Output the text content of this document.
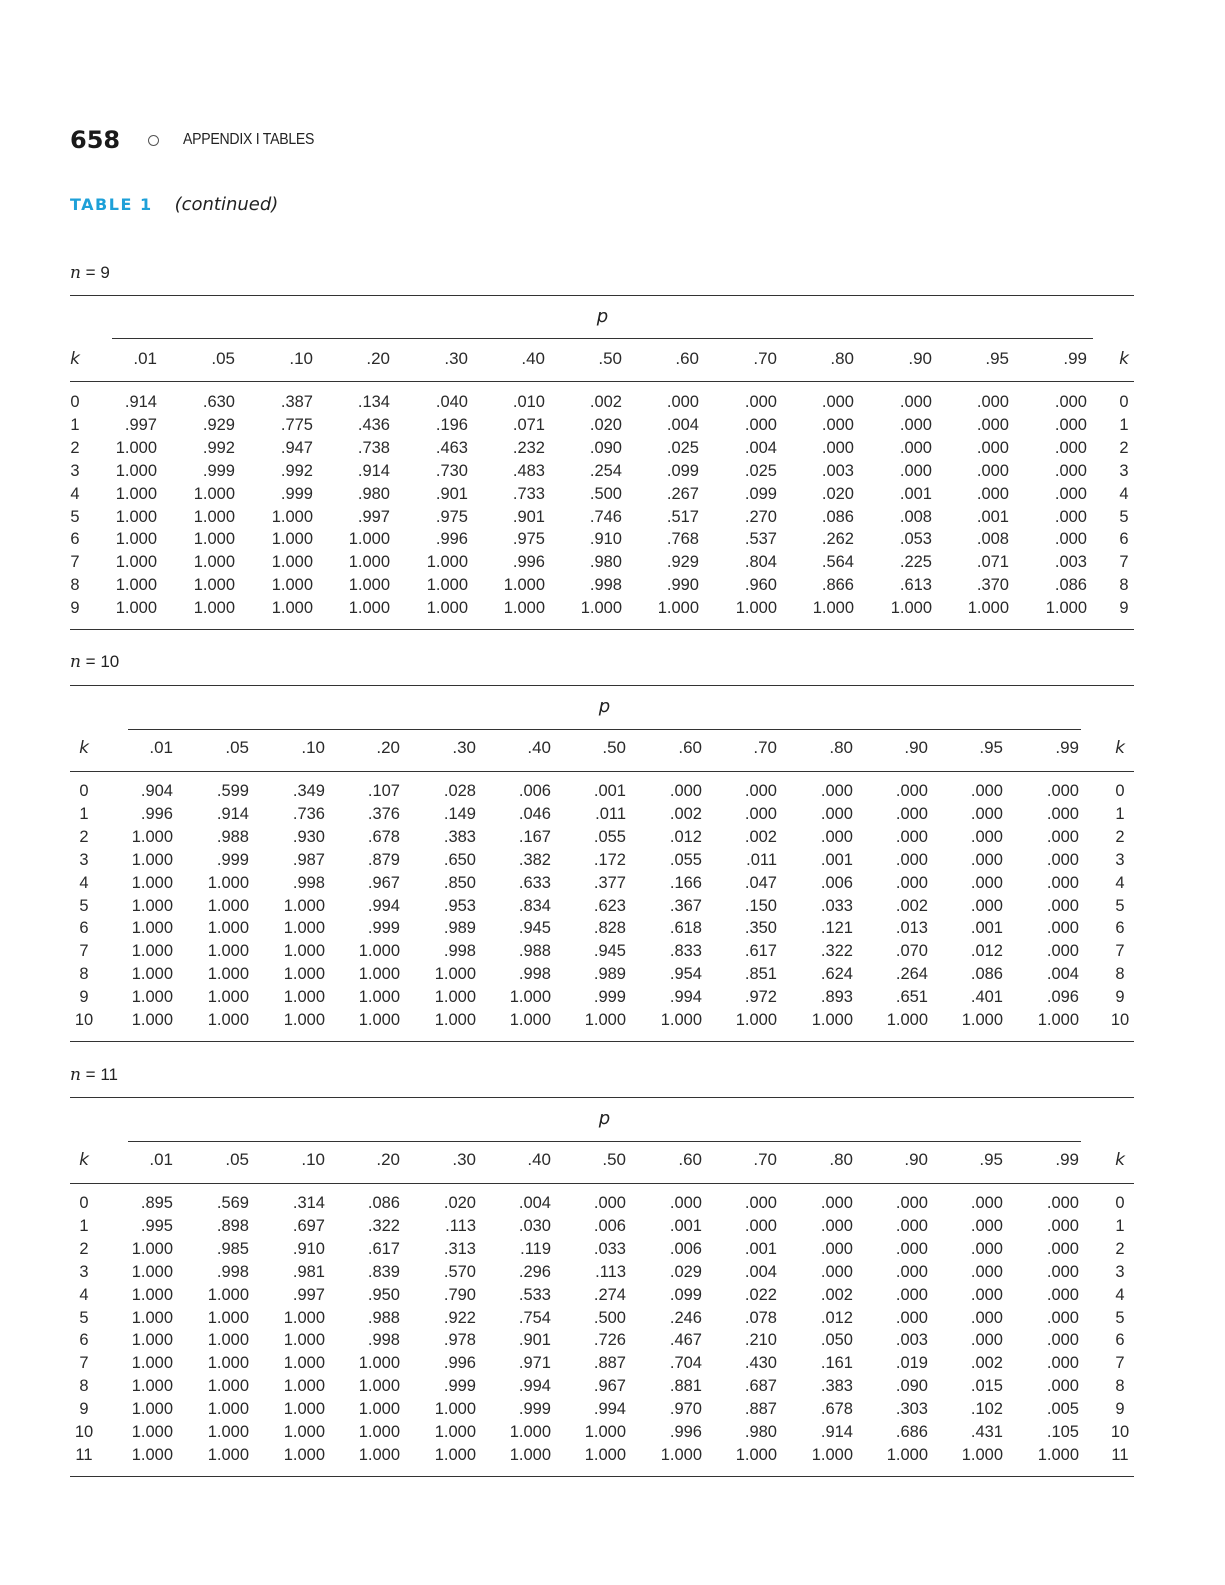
658	APPENDIX I TABLES
TABLE 1 (continued)
n = 9
p
k	.01	.05	.10	.20	.30	.40	.50	.60	.70	.80	.90	.95	.99 k
0	.914	.630	.387	.134	.040	.010	.002	.000	.000	.000	.000	.000	.000 0
1	.997	.929	.775	.436	.196	.071	.020	.004	.000	.000	.000	.000	.000 1
2 1.000	.992	.947	.738	.463	.232	.090	.025	.004	.000	.000	.000	.000 2
3 1.000	.999	.992	.914	.730	.483	.254	.099	.025	.003	.000	.000	.000 3
4 1.000 1.000	.999	.980	.901	.733	.500	.267	.099	.020	.001	.000	.000 4
5 1.000 1.000 1.000	.997	.975	.901	.746	.517	.270	.086	.008	.001	.000 5
6 1.000 1.000 1.000 1.000	.996	.975	.910	.768	.537	.262	.053	.008	.000 6
7 1.000 1.000 1.000 1.000 1.000	.996	.980	.929	.804	.564	.225	.071	.003 7
8 1.000 1.000 1.000 1.000 1.000 1.000	.998	.990	.960	.866	.613	.370	.086 8
9 1.000 1.000 1.000 1.000 1.000 1.000 1.000 1.000 1.000 1.000 1.000 1.000 1.000 9
n = 10
p
k	.01	.05	.10	.20	.30	.40	.50	.60	.70	.80	.90	.95	.99 k
0	.904	.599	.349	.107	.028	.006	.001	.000	.000	.000	.000	.000	.000 0
1	.996	.914	.736	.376	.149	.046	.011	.002	.000	.000	.000	.000	.000 1
2	1.000	.988	.930	.678	.383	.167	.055	.012	.002	.000	.000	.000	.000 2
3	1.000	.999	.987	.879	.650	.382	.172	.055	.011	.001	.000	.000	.000 3
4	1.000 1.000	.998	.967	.850	.633	.377	.166	.047	.006	.000	.000	.000 4
5	1.000 1.000 1.000	.994	.953	.834	.623	.367	.150	.033	.002	.000	.000 5
6	1.000 1.000 1.000	.999	.989	.945	.828	.618	.350	.121	.013	.001	.000 6
7	1.000 1.000 1.000 1.000	.998	.988	.945	.833	.617	.322	.070	.012	.000 7
8	1.000 1.000 1.000 1.000 1.000	.998	.989	.954	.851	.624	.264	.086	.004 8
9	1.000 1.000 1.000 1.000 1.000 1.000	.999	.994	.972	.893	.651	.401	.096 9
10 1.000 1.000 1.000 1.000 1.000 1.000 1.000 1.000 1.000 1.000 1.000 1.000 1.000 10
n = 11
p
k	.01	.05	.10	.20	.30	.40	.50	.60	.70	.80	.90	.95	.99 k
0	.895	.569	.314	.086	.020	.004	.000	.000	.000	.000	.000	.000	.000 0
1	.995	.898	.697	.322	.113	.030	.006	.001	.000	.000	.000	.000	.000 1
2	1.000	.985	.910	.617	.313	.119	.033	.006	.001	.000	.000	.000	.000 2
3	1.000	.998	.981	.839	.570	.296	.113	.029	.004	.000	.000	.000	.000 3
4	1.000 1.000	.997	.950	.790	.533	.274	.099	.022	.002	.000	.000	.000 4
5	1.000 1.000 1.000	.988	.922	.754	.500	.246	.078	.012	.000	.000	.000 5
6	1.000 1.000 1.000	.998	.978	.901	.726	.467	.210	.050	.003	.000	.000 6
7	1.000 1.000 1.000 1.000	.996	.971	.887	.704	.430	.161	.019	.002	.000 7
8	1.000 1.000 1.000 1.000	.999	.994	.967	.881	.687	.383	.090	.015	.000 8
9	1.000 1.000 1.000 1.000 1.000	.999	.994	.970	.887	.678	.303	.102	.005 9
10 1.000 1.000 1.000 1.000 1.000 1.000 1.000	.996	.980	.914	.686	.431	.105 10
11 1.000 1.000 1.000 1.000 1.000 1.000 1.000 1.000 1.000 1.000 1.000 1.000 1.000 11
